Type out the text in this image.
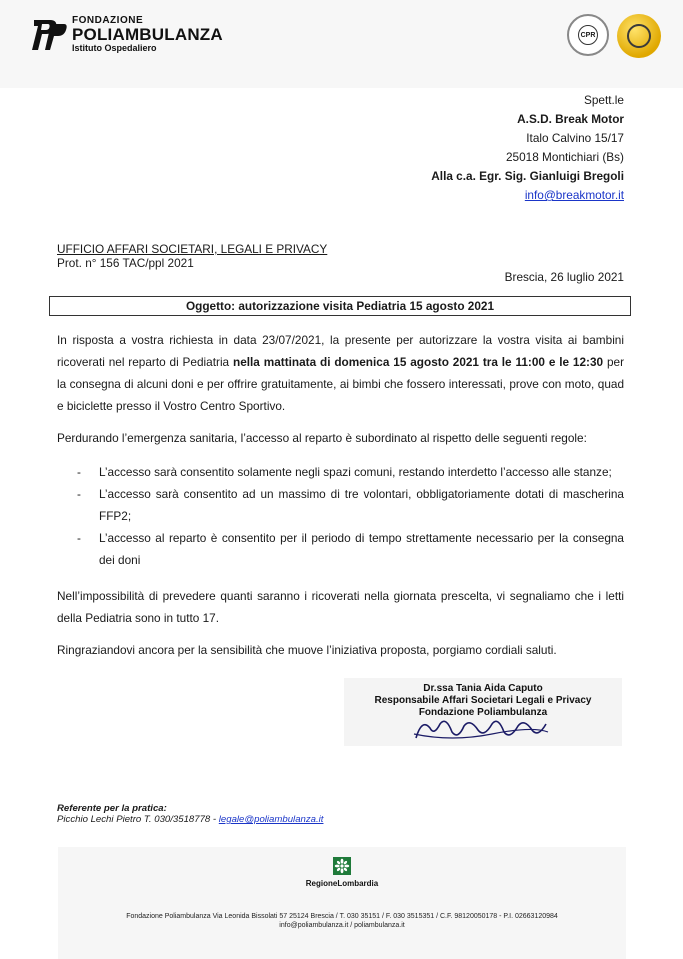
FONDAZIONE
POLIAMBULANZA
Istituto Ospedaliero
CPR
Spett.le
A.S.D. Break Motor
Italo Calvino 15/17
25018 Montichiari (Bs)
Alla c.a. Egr. Sig. Gianluigi Bregoli
info@breakmotor.it
UFFICIO AFFARI SOCIETARI, LEGALI E PRIVACY
Prot. n° 156 TAC/ppl 2021
Brescia, 26 luglio 2021
Oggetto: autorizzazione visita Pediatria 15 agosto 2021

In risposta a vostra richiesta in data 23/07/2021, la presente per autorizzare la vostra visita ai bambini ricoverati nel reparto di Pediatria nella mattinata di domenica 15 agosto 2021 tra le 11:00 e le 12:30 per la consegna di alcuni doni e per offrire gratuitamente, ai bimbi che fossero interessati, prove con moto, quad e biciclette presso il Vostro Centro Sportivo.

Perdurando l’emergenza sanitaria, l’accesso al reparto è subordinato al rispetto delle seguenti regole:

- L’accesso sarà consentito solamente negli spazi comuni, restando interdetto l’accesso alle stanze;
- L’accesso sarà consentito ad un massimo di tre volontari, obbligatoriamente dotati di mascherina FFP2;
- L’accesso al reparto è consentito per il periodo di tempo strettamente necessario per la consegna dei doni

Nell’impossibilità di prevedere quanti saranno i ricoverati nella giornata prescelta, vi segnaliamo che i letti della Pediatria sono in tutto 17.

Ringraziandovi ancora per la sensibilità che muove l’iniziativa proposta, porgiamo cordiali saluti.

Dr.ssa Tania Aida Caputo
Responsabile Affari Societari Legali e Privacy
Fondazione Poliambulanza
Referente per la pratica:
Picchio Lechi Pietro T. 030/3518778 - legale@poliambulanza.it
RegioneLombardia
Fondazione Poliambulanza Via Leonida Bissolati 57 25124 Brescia / T. 030 35151 / F. 030 3515351 / C.F. 98120050178 - P.I. 02663120984
info@poliambulanza.it / poliambulanza.it
